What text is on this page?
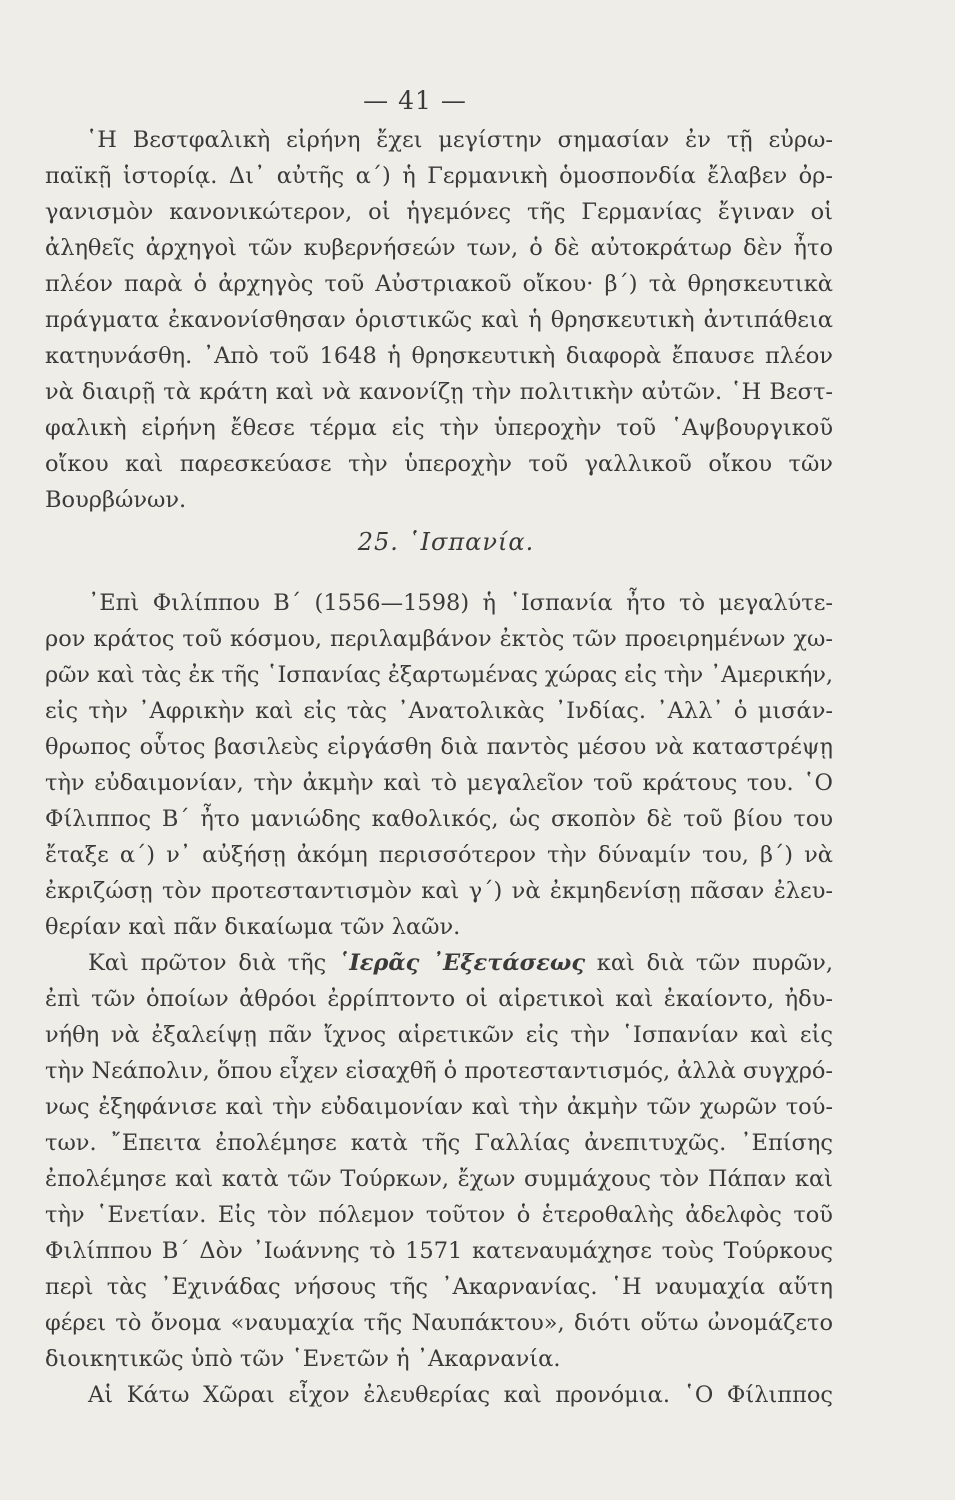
— 41 —
῾Η Βεστφαλικὴ εἰρήνη ἔχει μεγίστην σημασίαν ἐν τῇ εὐρω-
παϊκῇ ἱστορίᾳ. Δι᾿ αὐτῆς α΄) ἡ Γερμανικὴ ὁμοσπονδία ἔλαβεν ὀρ-
γανισμὸν κανονικώτερον, οἱ ἡγεμόνες τῆς Γερμανίας ἔγιναν οἱ
ἀληθεῖς ἀρχηγοὶ τῶν κυβερνήσεών των, ὁ δὲ αὐτοκράτωρ δὲν ἦτο
πλέον παρὰ ὁ ἀρχηγὸς τοῦ Αὐστριακοῦ οἴκου· β΄) τὰ θρησκευτικὰ
πράγματα ἐκανονίσθησαν ὁριστικῶς καὶ ἡ θρησκευτικὴ ἀντιπάθεια
κατηυνάσθη. ᾿Απὸ τοῦ 1648 ἡ θρησκευτικὴ διαφορὰ ἔπαυσε πλέον
νὰ διαιρῇ τὰ κράτη καὶ νὰ κανονίζῃ τὴν πολιτικὴν αὐτῶν. ῾Η Βεστ-
φαλικὴ εἰρήνη ἔθεσε τέρμα εἰς τὴν ὑπεροχὴν τοῦ ῾Αψβουργικοῦ
οἴκου καὶ παρεσκεύασε τὴν ὑπεροχὴν τοῦ γαλλικοῦ οἴκου τῶν
Βουρβώνων.
25. ῾Ισπανία.
᾿Επὶ Φιλίππου Β΄ (1556—1598) ἡ ῾Ισπανία ἦτο τὸ μεγαλύτε-
ρον κράτος τοῦ κόσμου, περιλαμβάνον ἐκτὸς τῶν προειρημένων χω-
ρῶν καὶ τὰς ἐκ τῆς ῾Ισπανίας ἐξαρτωμένας χώρας εἰς τὴν ᾿Αμερικήν,
εἰς τὴν ᾿Αφρικὴν καὶ εἰς τὰς ᾿Ανατολικὰς ᾿Ινδίας. ᾿Αλλ᾿ ὁ μισάν-
θρωπος οὗτος βασιλεὺς εἰργάσθη διὰ παντὸς μέσου νὰ καταστρέψῃ
τὴν εὐδαιμονίαν, τὴν ἀκμὴν καὶ τὸ μεγαλεῖον τοῦ κράτους του. ῾Ο
Φίλιππος Β΄ ἦτο μανιώδης καθολικός, ὡς σκοπὸν δὲ τοῦ βίου του
ἔταξε α΄) ν᾿ αὐξήσῃ ἀκόμη περισσότερον τὴν δύναμίν του, β΄) νὰ
ἐκριζώσῃ τὸν προτεσταντισμὸν καὶ γ΄) νὰ ἐκμηδενίσῃ πᾶσαν ἐλευ-
θερίαν καὶ πᾶν δικαίωμα τῶν λαῶν.
Καὶ πρῶτον διὰ τῆς ῾Ιερᾶς ᾿Εξετάσεως καὶ διὰ τῶν πυρῶν,
ἐπὶ τῶν ὁποίων ἀθρόοι ἐρρίπτοντο οἱ αἱρετικοὶ καὶ ἐκαίοντο, ἠδυ-
νήθη νὰ ἐξαλείψῃ πᾶν ἴχνος αἱρετικῶν εἰς τὴν ῾Ισπανίαν καὶ εἰς
τὴν Νεάπολιν, ὅπου εἶχεν εἰσαχθῆ ὁ προτεσταντισμός, ἀλλὰ συγχρό-
νως ἐξηφάνισε καὶ τὴν εὐδαιμονίαν καὶ τὴν ἀκμὴν τῶν χωρῶν τού-
των. ῎Επειτα ἐπολέμησε κατὰ τῆς Γαλλίας ἀνεπιτυχῶς. ᾿Επίσης
ἐπολέμησε καὶ κατὰ τῶν Τούρκων, ἔχων συμμάχους τὸν Πάπαν καὶ
τὴν ῾Ενετίαν. Εἰς τὸν πόλεμον τοῦτον ὁ ἑτεροθαλὴς ἀδελφὸς τοῦ
Φιλίππου Β΄ Δὸν ᾿Ιωάννης τὸ 1571 κατεναυμάχησε τοὺς Τούρκους
περὶ τὰς ᾿Εχινάδας νήσους τῆς ᾿Ακαρνανίας. ῾Η ναυμαχία αὕτη
φέρει τὸ ὄνομα «ναυμαχία τῆς Ναυπάκτου», διότι οὕτω ὠνομάζετο
διοικητικῶς ὑπὸ τῶν ῾Ενετῶν ἡ ᾿Ακαρνανία.
Αἱ Κάτω Χῶραι εἶχον ἐλευθερίας καὶ προνόμια. ῾Ο Φίλιππος
